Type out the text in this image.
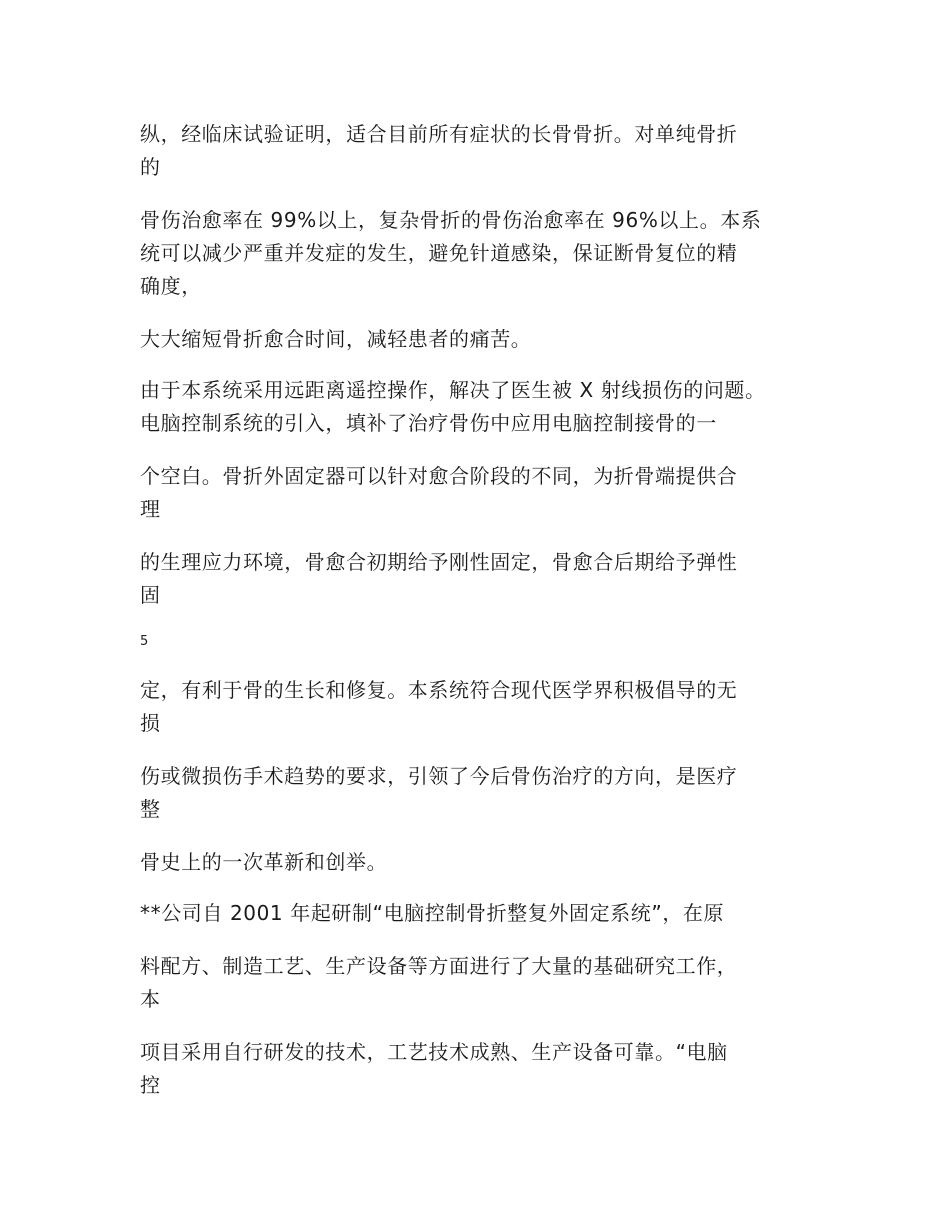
纵，经临床试验证明，适合目前所有症状的长骨骨折。对单纯骨折
的
骨伤治愈率在 99%以上，复杂骨折的骨伤治愈率在 96%以上。本系
统可以减少严重并发症的发生，避免针道感染，保证断骨复位的精
确度，
大大缩短骨折愈合时间，减轻患者的痛苦。
由于本系统采用远距离遥控操作，解决了医生被 X 射线损伤的问题。
电脑控制系统的引入，填补了治疗骨伤中应用电脑控制接骨的一
个空白。骨折外固定器可以针对愈合阶段的不同，为折骨端提供合
理
的生理应力环境，骨愈合初期给予刚性固定，骨愈合后期给予弹性
固
5
定，有利于骨的生长和修复。本系统符合现代医学界积极倡导的无
损
伤或微损伤手术趋势的要求，引领了今后骨伤治疗的方向，是医疗
整
骨史上的一次革新和创举。
**公司自 2001 年起研制“电脑控制骨折整复外固定系统”，在原
料配方、制造工艺、生产设备等方面进行了大量的基础研究工作，
本
项目采用自行研发的技术，工艺技术成熟、生产设备可靠。“电脑
控
